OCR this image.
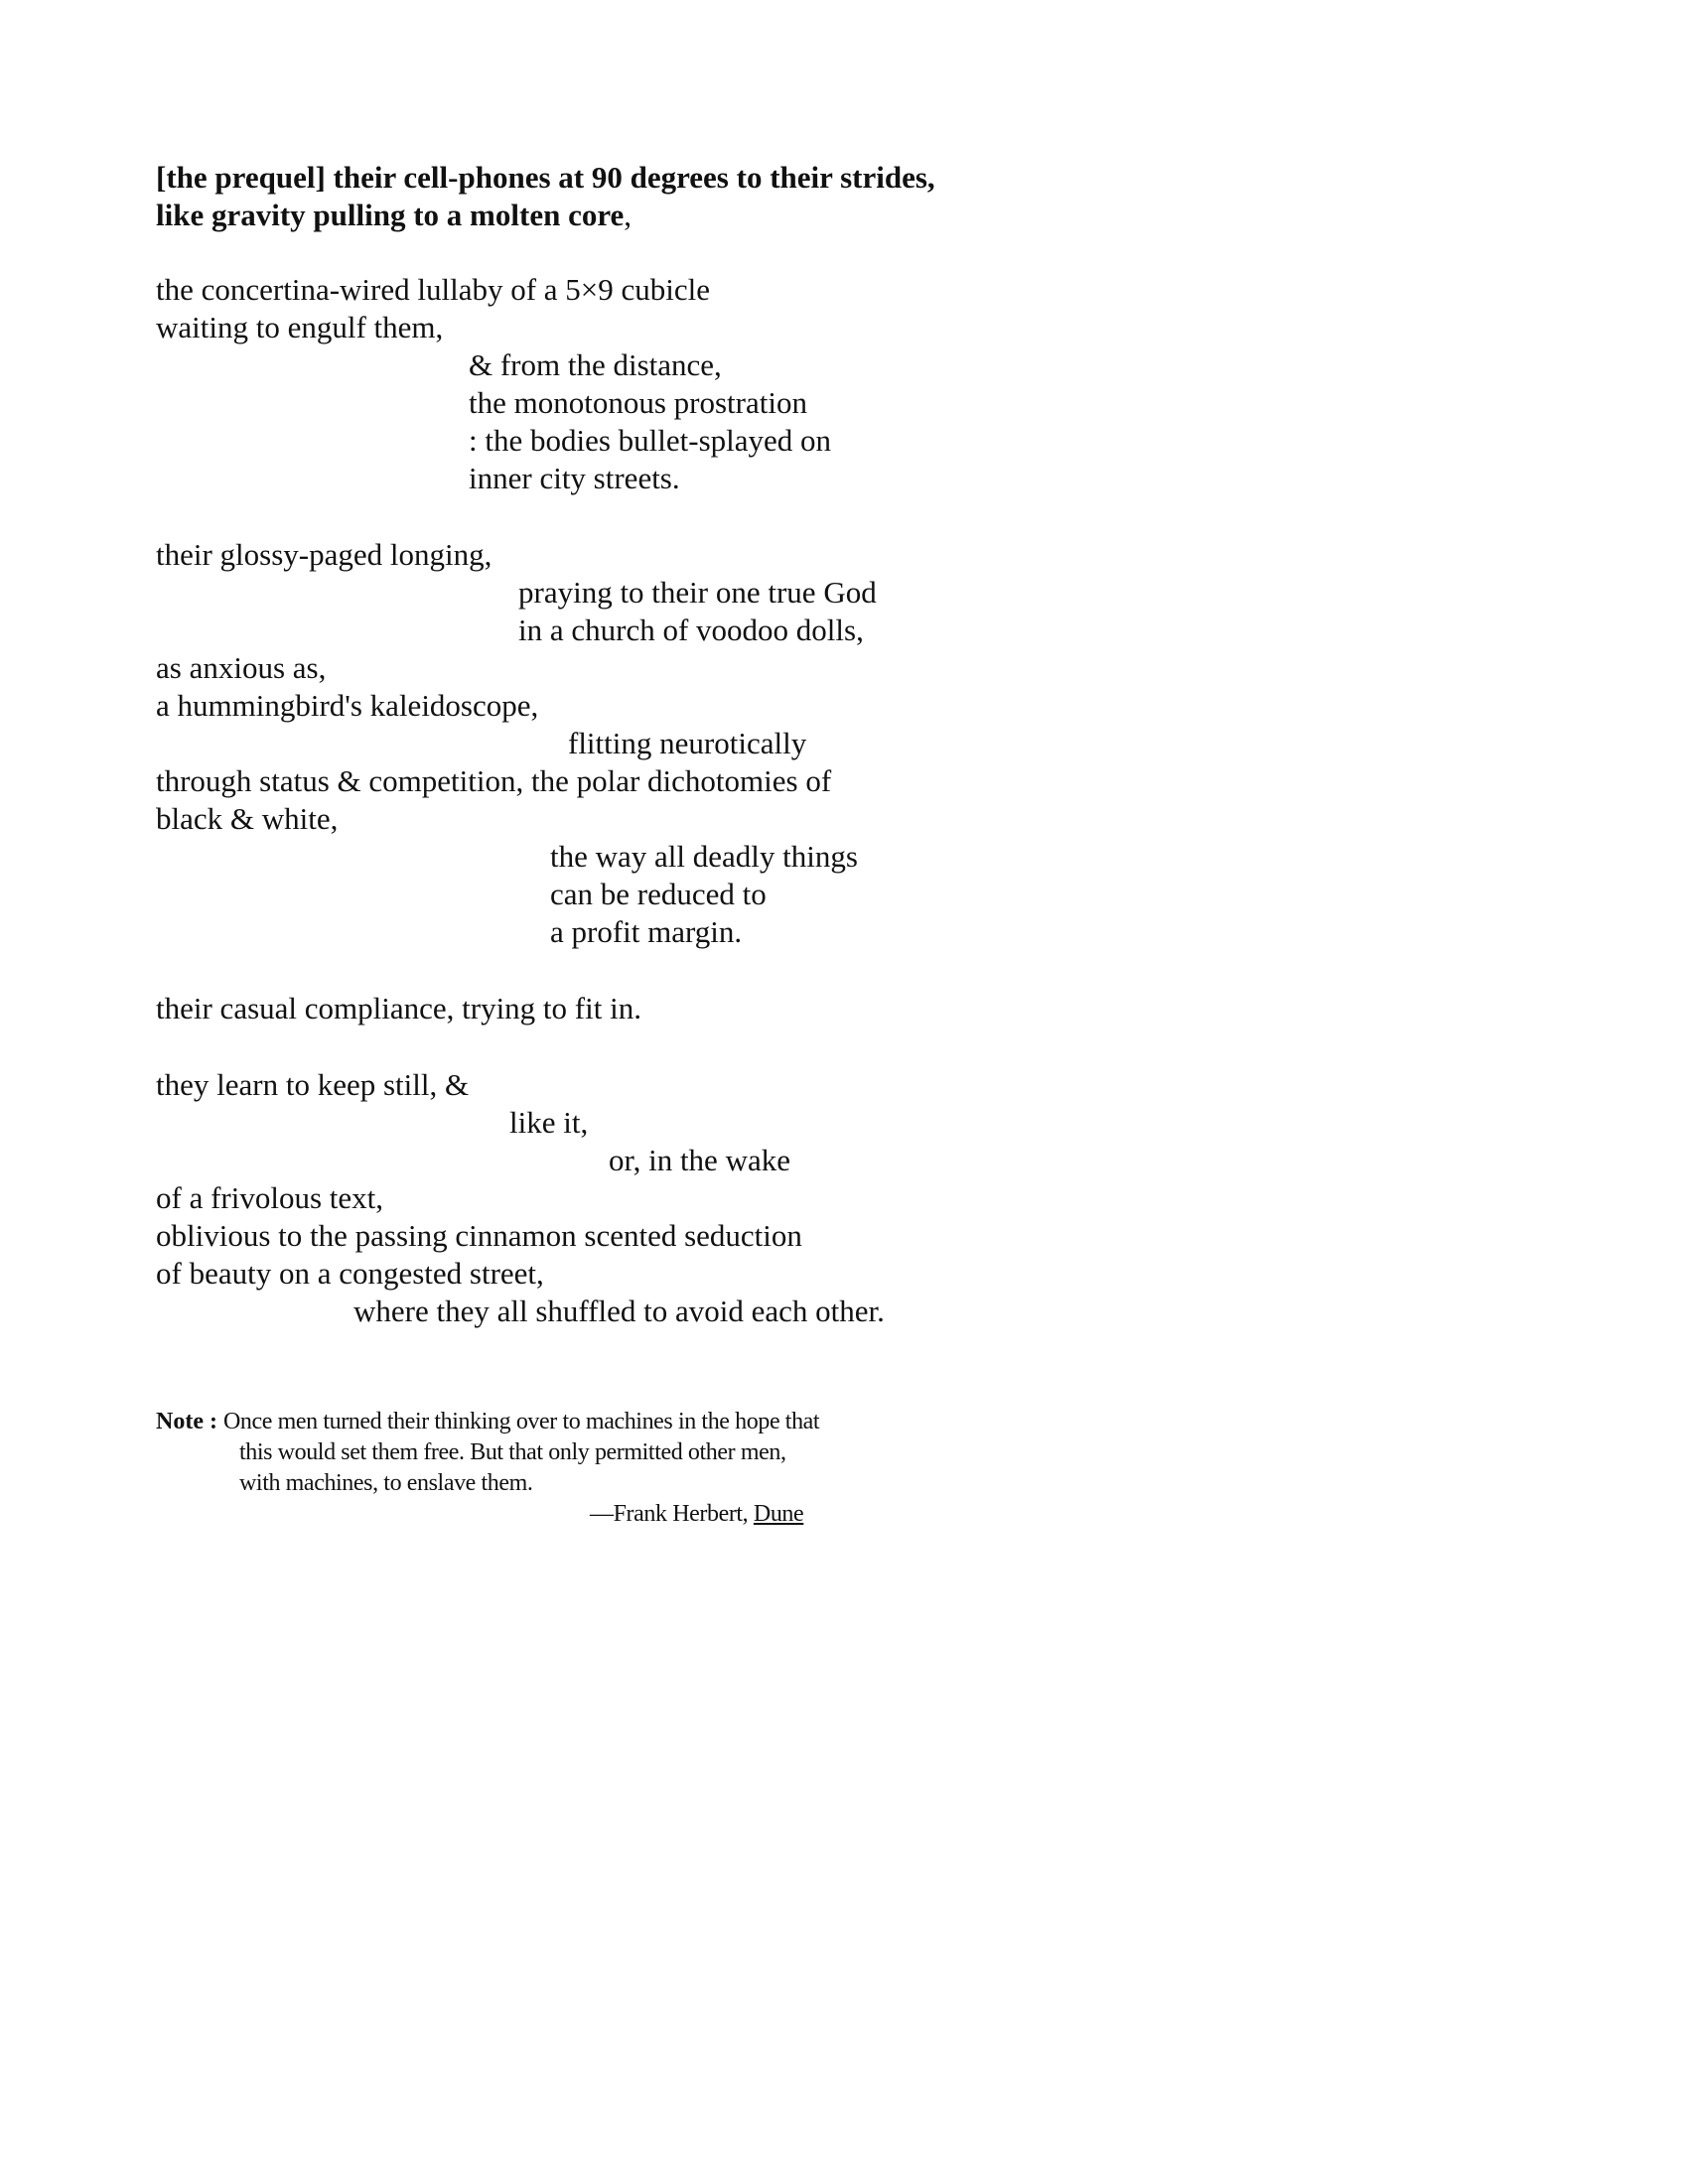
[the prequel] their cell-phones at 90 degrees to their strides,
like gravity pulling to a molten core,
the concertina-wired lullaby of a 5×9 cubicle
waiting to engulf them,
& from the distance,
the monotonous prostration
: the bodies bullet-splayed on
inner city streets.
their glossy-paged longing,
praying to their one true God
in a church of voodoo dolls,
as anxious as,
a hummingbird's kaleidoscope,
flitting neurotically
through status & competition, the polar dichotomies of
black & white,
the way all deadly things
can be reduced to
a profit margin.
their casual compliance, trying to fit in.
they learn to keep still, &
like it,
or, in the wake
of a frivolous text,
oblivious to the passing cinnamon scented seduction
of beauty on a congested street,
where they all shuffled to avoid each other.
Note : Once men turned their thinking over to machines in the hope that
this would set them free. But that only permitted other men,
with machines, to enslave them.
—Frank Herbert, Dune
